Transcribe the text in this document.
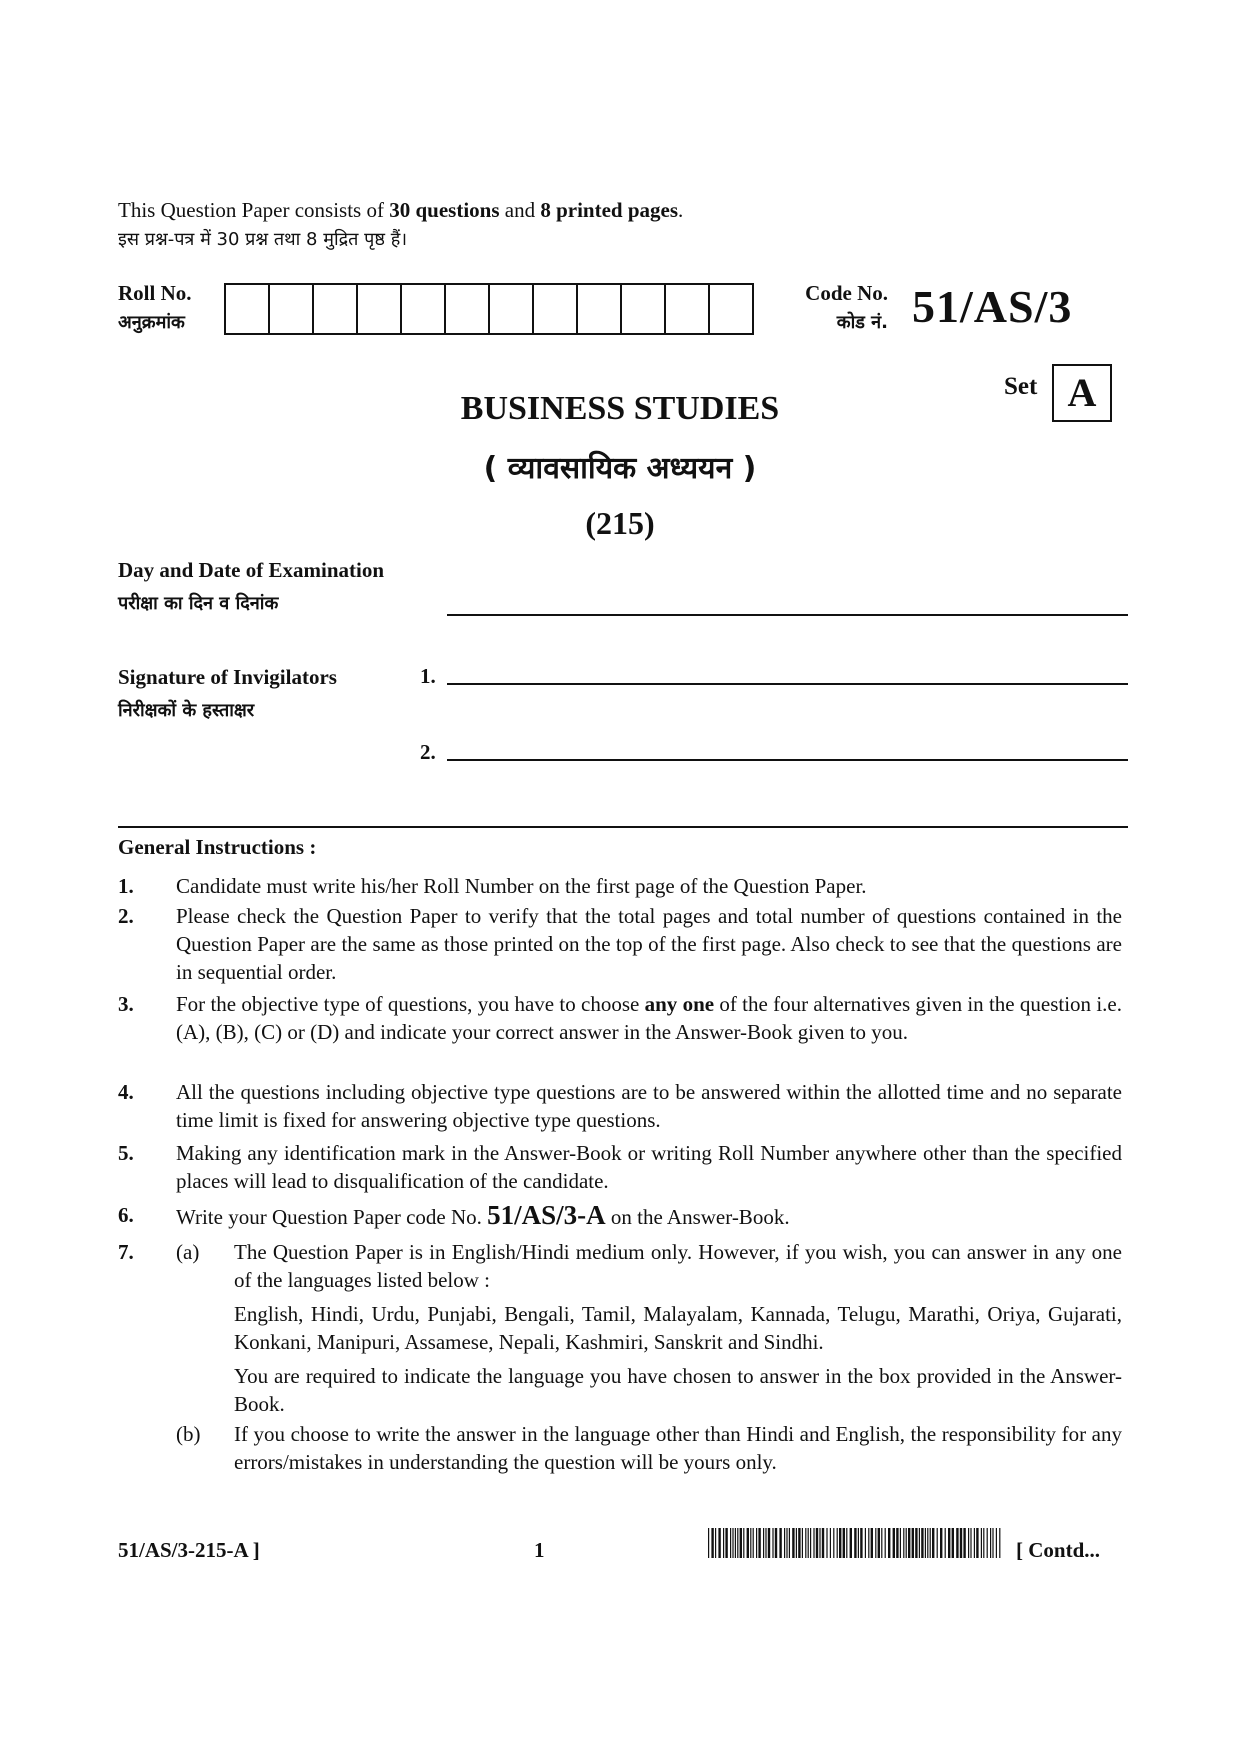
This Question Paper consists of 30 questions and 8 printed pages.
इस प्रश्न-पत्र में 30 प्रश्न तथा 8 मुद्रित पृष्ठ हैं।
Roll No.
अनुक्रमांक
Code No.
कोड नं. 51/AS/3
Set A
BUSINESS STUDIES
( व्यावसायिक अध्ययन )
(215)
Day and Date of Examination
परीक्षा का दिन व दिनांक
Signature of Invigilators
निरीक्षकों के हस्ताक्षर
1.
2.
General Instructions :
1. Candidate must write his/her Roll Number on the first page of the Question Paper.
2. Please check the Question Paper to verify that the total pages and total number of questions contained in the Question Paper are the same as those printed on the top of the first page. Also check to see that the questions are in sequential order.
3. For the objective type of questions, you have to choose any one of the four alternatives given in the question i.e. (A), (B), (C) or (D) and indicate your correct answer in the Answer-Book given to you.
4. All the questions including objective type questions are to be answered within the allotted time and no separate time limit is fixed for answering objective type questions.
5. Making any identification mark in the Answer-Book or writing Roll Number anywhere other than the specified places will lead to disqualification of the candidate.
6. Write your Question Paper code No. 51/AS/3-A on the Answer-Book.
7. (a) The Question Paper is in English/Hindi medium only. However, if you wish, you can answer in any one of the languages listed below :
English, Hindi, Urdu, Punjabi, Bengali, Tamil, Malayalam, Kannada, Telugu, Marathi, Oriya, Gujarati, Konkani, Manipuri, Assamese, Nepali, Kashmiri, Sanskrit and Sindhi.
You are required to indicate the language you have chosen to answer in the box provided in the Answer-Book.
(b) If you choose to write the answer in the language other than Hindi and English, the responsibility for any errors/mistakes in understanding the question will be yours only.
51/AS/3-215-A ]	1	[ Contd...
